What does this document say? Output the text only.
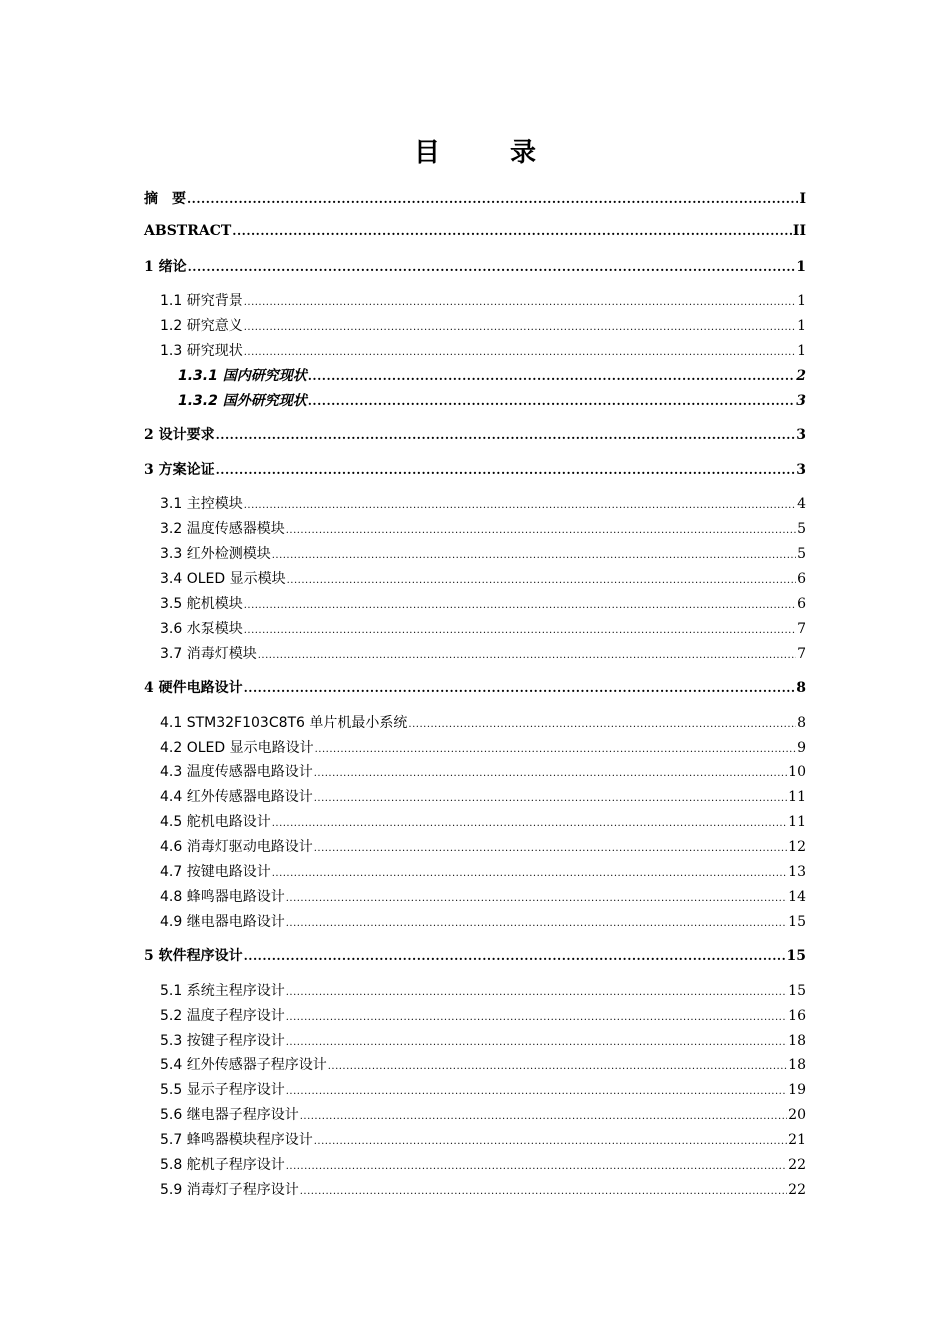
目　录
摘　要 .....	I
ABSTRACT .....	II
1 绪论 .....	1
1.1 研究背景 .....	1
1.2 研究意义 .....	1
1.3 研究现状 .....	1
1.3.1 国内研究现状 .....	2
1.3.2 国外研究现状 .....	3
2 设计要求 .....	3
3 方案论证 .....	3
3.1 主控模块 .....	4
3.2 温度传感器模块 .....	5
3.3 红外检测模块 .....	5
3.4 OLED 显示模块 .....	6
3.5 舵机模块 .....	6
3.6 水泵模块 .....	7
3.7 消毒灯模块 .....	7
4 硬件电路设计 .....	8
4.1 STM32F103C8T6 单片机最小系统 .....	8
4.2 OLED 显示电路设计 .....	9
4.3 温度传感器电路设计 .....	10
4.4 红外传感器电路设计 .....	11
4.5 舵机电路设计 .....	11
4.6 消毒灯驱动电路设计 .....	12
4.7 按键电路设计 .....	13
4.8 蜂鸣器电路设计 .....	14
4.9 继电器电路设计 .....	15
5 软件程序设计 .....	15
5.1 系统主程序设计 .....	15
5.2 温度子程序设计 .....	16
5.3 按键子程序设计 .....	18
5.4 红外传感器子程序设计 .....	18
5.5 显示子程序设计 .....	19
5.6 继电器子程序设计 .....	20
5.7 蜂鸣器模块程序设计 .....	21
5.8 舵机子程序设计 .....	22
5.9 消毒灯子程序设计 .....	22
